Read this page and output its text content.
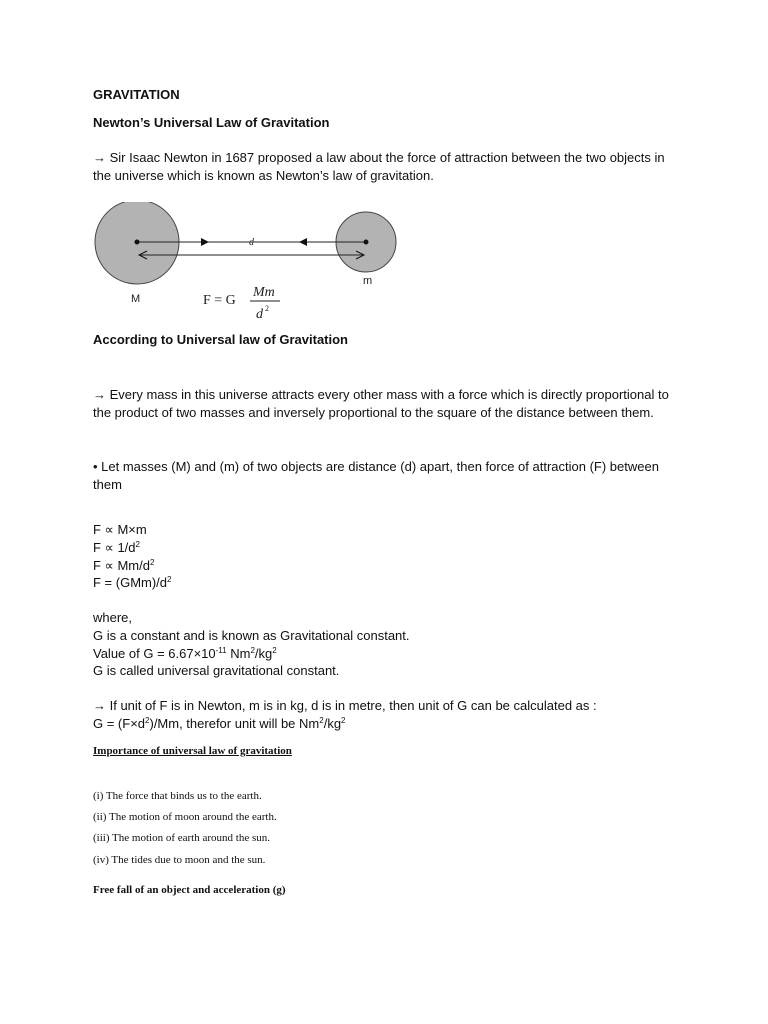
GRAVITATION
Newton’s Universal Law of Gravitation
→ Sir Isaac Newton in 1687 proposed a law about the force of attraction between the two objects in the universe which is known as Newton’s law of gravitation.
d
M
m
F = G
Mm
d 2
According to Universal law of Gravitation
→ Every mass in this universe attracts every other mass with a force which is directly proportional to the product of two masses and inversely proportional to the square of the distance between them.
• Let masses (M) and (m) of two objects are distance (d) apart, then force of attraction (F) between them
F ∝ M×m
$F \propto 1/d^2$
$F \propto Mm/d^2$
$F = (GMm)/d^2$
where,
G is a constant and is known as Gravitational constant.
Value of $G = 6.67\times 10^{-11}$ $Nm^2/kg^2$
G is called universal gravitational constant.
→ If unit of F is in Newton, m is in kg, d is in metre, then unit of G can be calculated as :
$G = (F\times d^2)/Mm$, therefor unit will be $Nm^2/kg^2$
Importance of universal law of gravitation
(i) The force that binds us to the earth.
(ii) The motion of moon around the earth.
(iii) The motion of earth around the sun.
(iv) The tides due to moon and the sun.
Free fall of an object and acceleration (g)
